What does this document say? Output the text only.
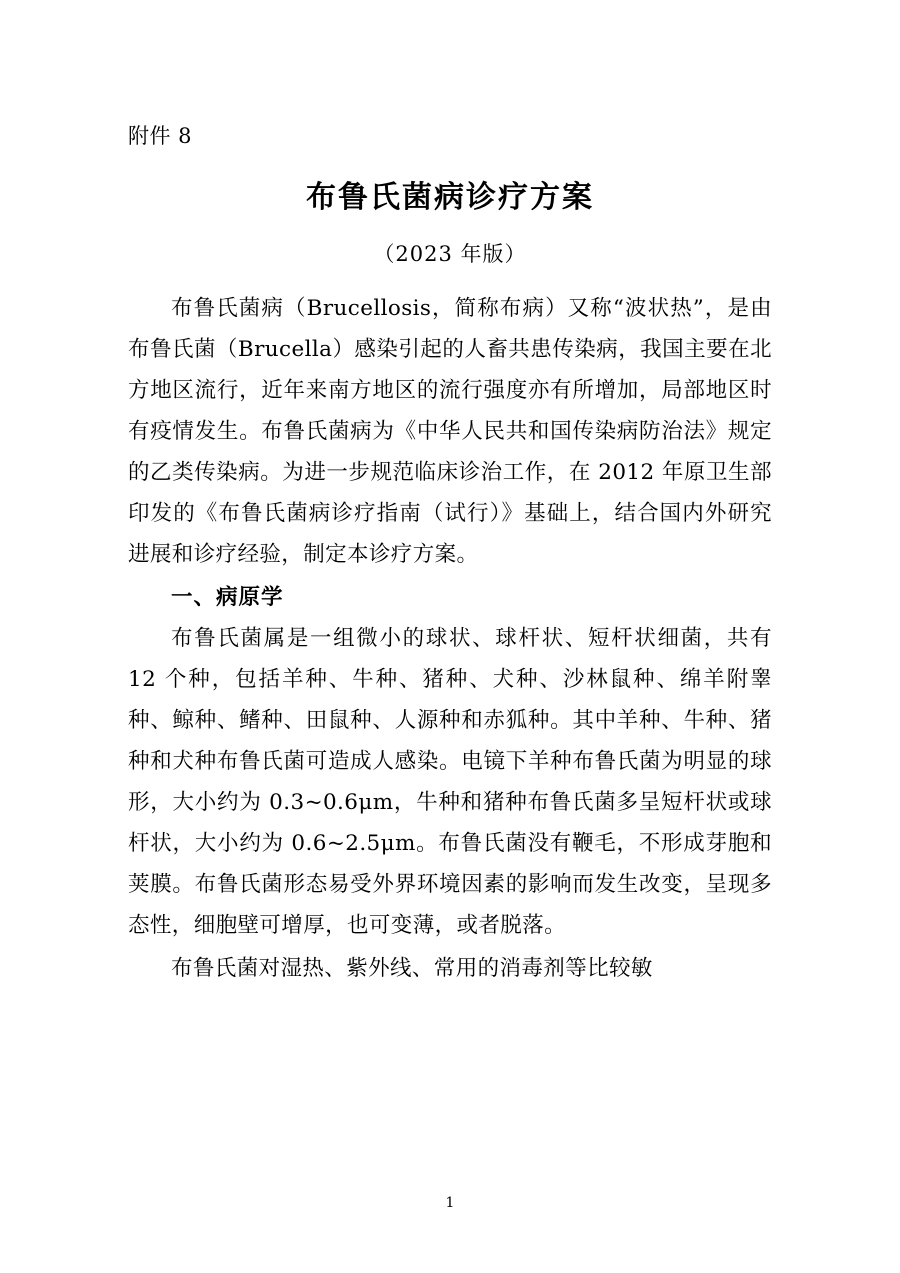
附件 8
布鲁氏菌病诊疗方案
（2023 年版）

布鲁氏菌病（Brucellosis，简称布病）又称“波状热”，是由布鲁氏菌（Brucella）感染引起的人畜共患传染病，我国主要在北方地区流行，近年来南方地区的流行强度亦有所增加，局部地区时有疫情发生。布鲁氏菌病为《中华人民共和国传染病防治法》规定的乙类传染病。为进一步规范临床诊治工作，在 2012 年原卫生部印发的《布鲁氏菌病诊疗指南（试行）》基础上，结合国内外研究进展和诊疗经验，制定本诊疗方案。

一、病原学

布鲁氏菌属是一组微小的球状、球杆状、短杆状细菌，共有 12 个种，包括羊种、牛种、猪种、犬种、沙林鼠种、绵羊附睾种、鲸种、鳍种、田鼠种、人源种和赤狐种。其中羊种、牛种、猪种和犬种布鲁氏菌可造成人感染。电镜下羊种布鲁氏菌为明显的球形，大小约为 0.3~0.6μm，牛种和猪种布鲁氏菌多呈短杆状或球杆状，大小约为 0.6~2.5μm。布鲁氏菌没有鞭毛，不形成芽胞和荚膜。布鲁氏菌形态易受外界环境因素的影响而发生改变，呈现多态性，细胞壁可增厚，也可变薄，或者脱落。

布鲁氏菌对湿热、紫外线、常用的消毒剂等比较敏

1
